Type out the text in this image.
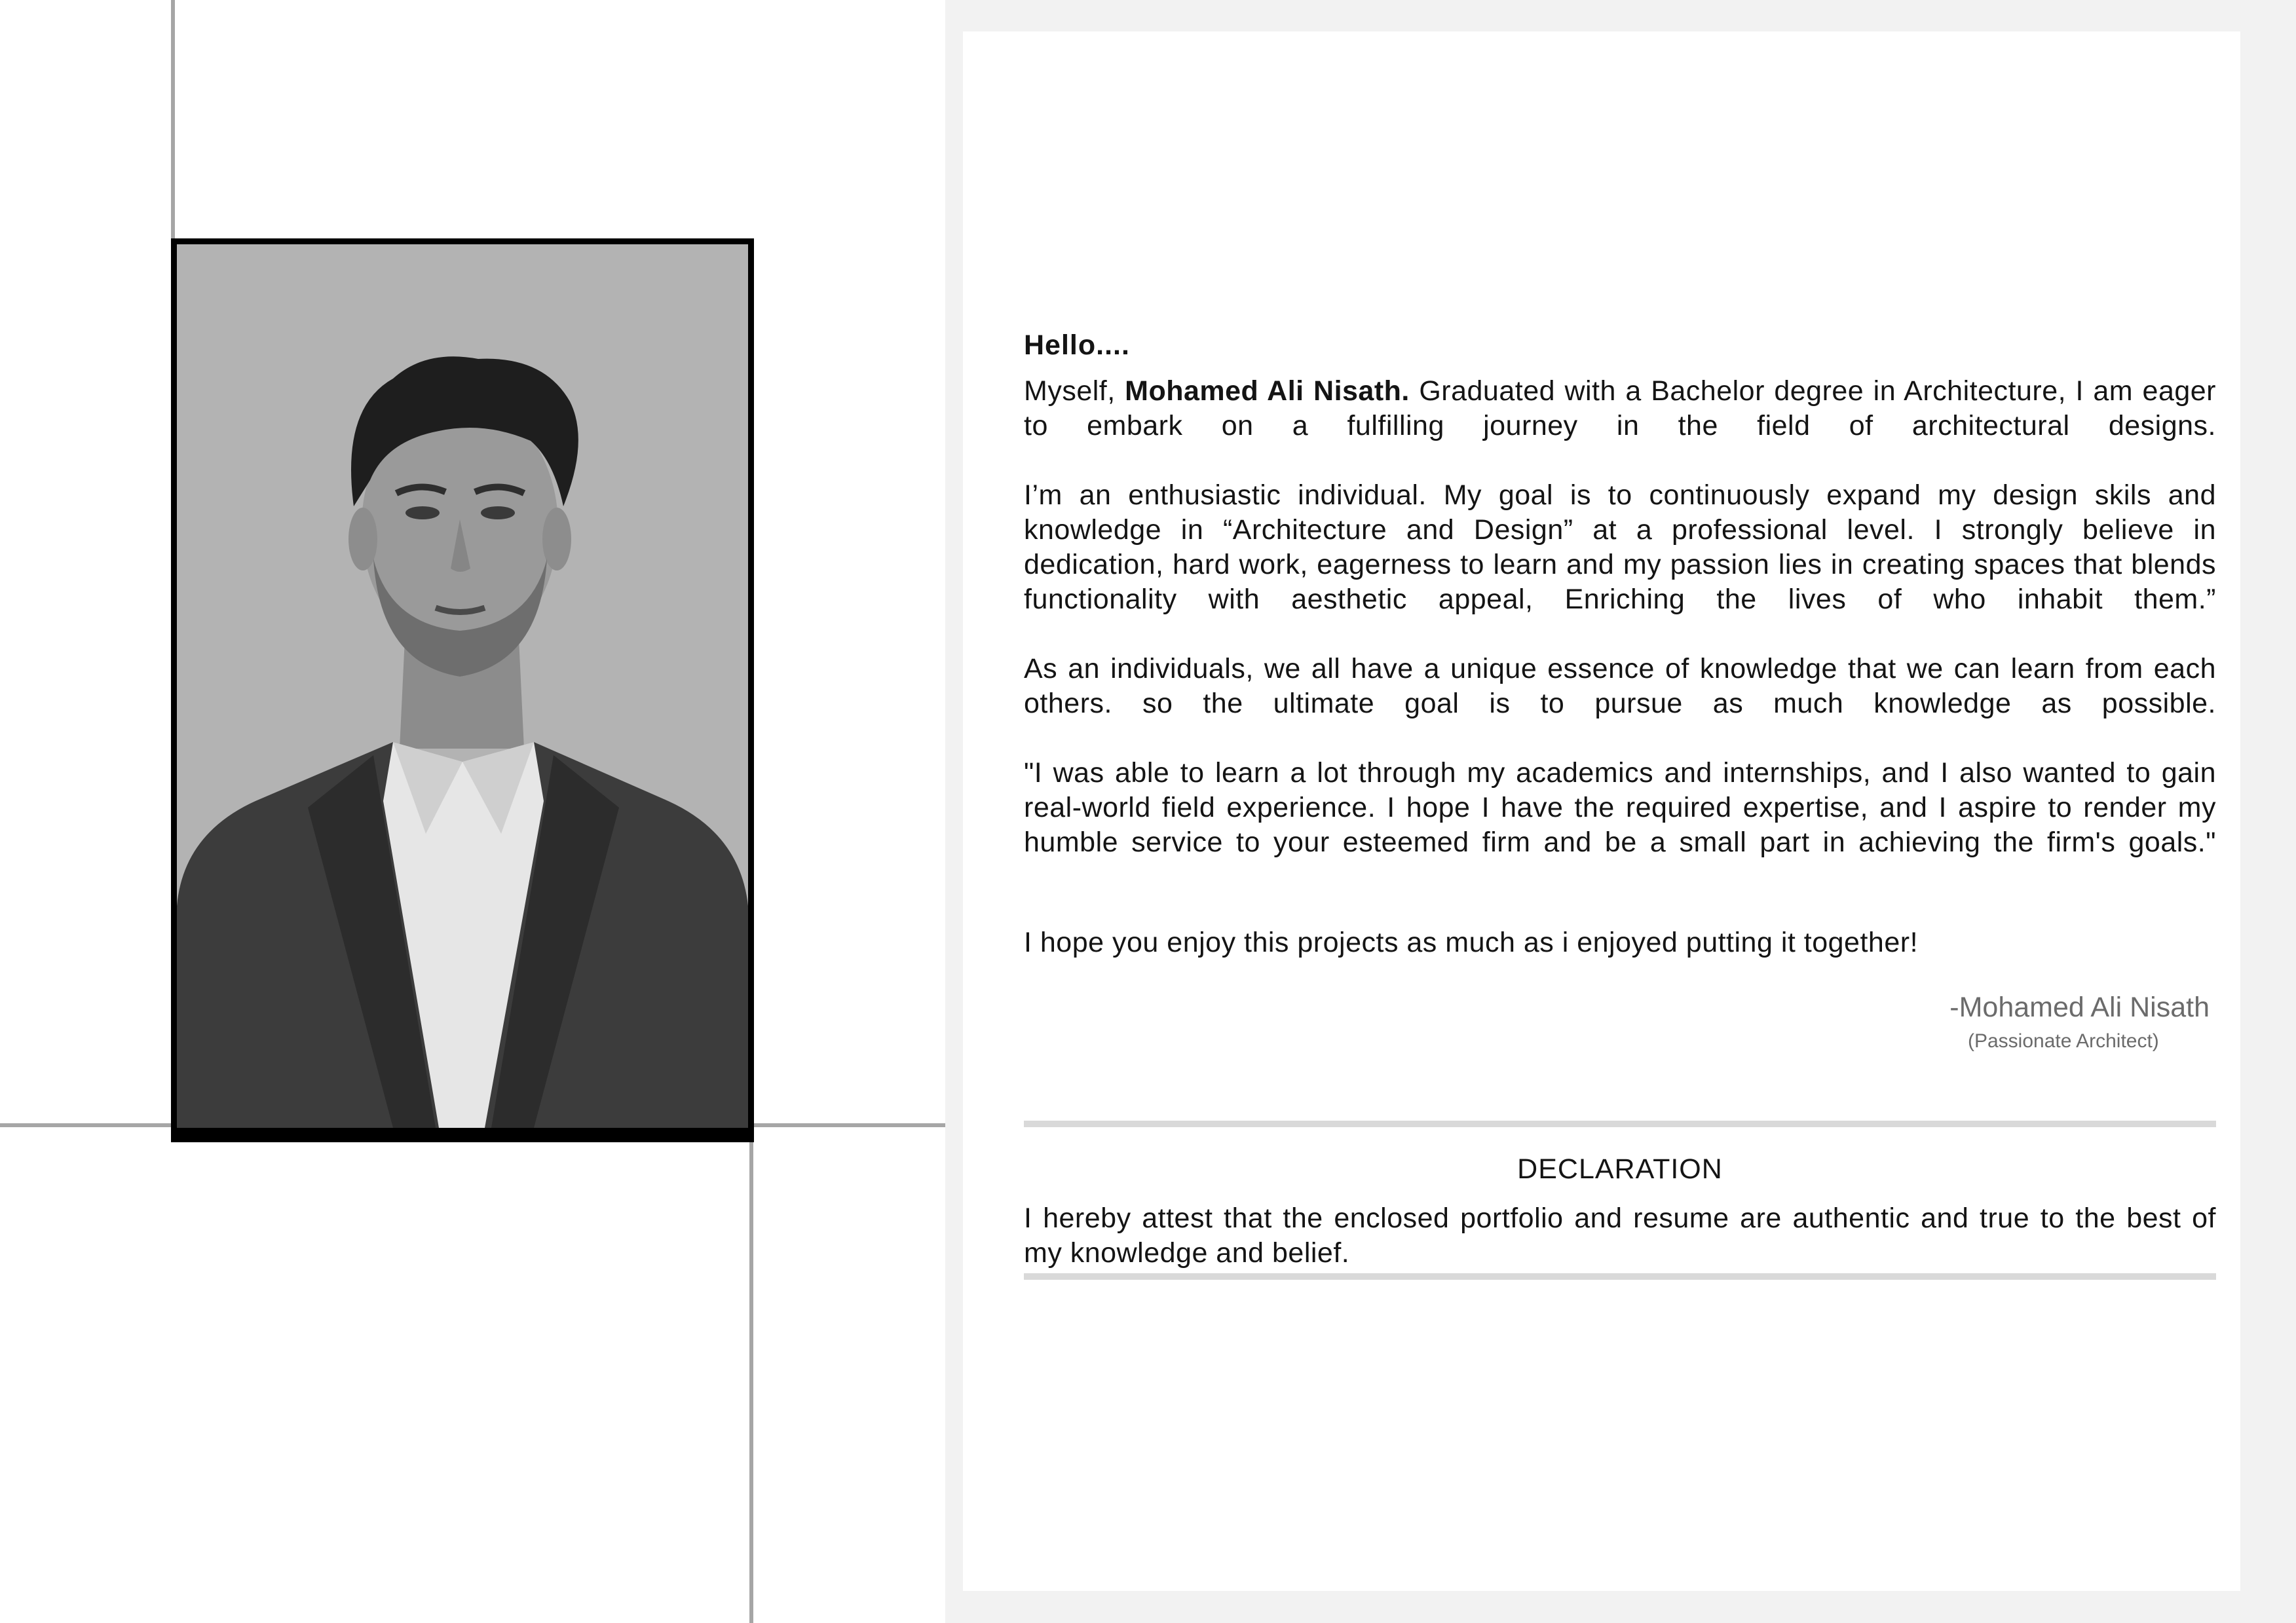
Hello....

Myself, Mohamed Ali Nisath. Graduated with a Bachelor degree in Architecture, I am eager to embark on a fulfilling journey in the field of architectural designs.

I’m an enthusiastic individual. My goal is to continuously expand my design skils and knowledge in “Architecture and Design” at a professional level. I strongly believe in dedication, hard work, eagerness to learn and my passion lies in creating spaces that blends functionality with aesthetic appeal, Enriching the lives of who inhabit them.”

As an individuals, we all have a unique essence of knowledge that we can learn from each others. so the ultimate goal is to pursue as much knowledge as possible.

"I was able to learn a lot through my academics and internships, and I also wanted to gain real-world field experience. I hope I have the required expertise, and I aspire to render my humble service to your esteemed firm and be a small part in achieving the firm's goals."

I hope you enjoy this projects as much as i enjoyed putting it together!

-Mohamed Ali Nisath
(Passionate Architect)
DECLARATION
I hereby attest that the enclosed portfolio and resume are authentic and true to the best of my knowledge and belief.
